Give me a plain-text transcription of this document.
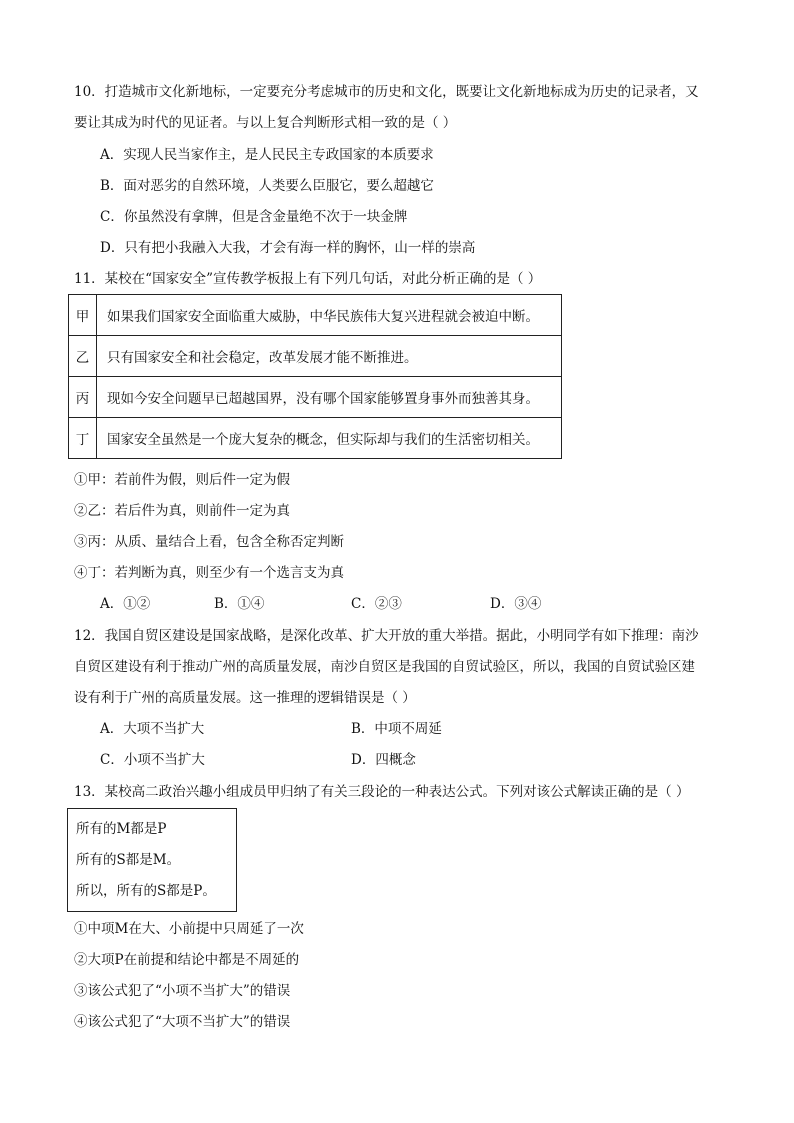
10．打造城市文化新地标，一定要充分考虑城市的历史和文化，既要让文化新地标成为历史的记录者，又
要让其成为时代的见证者。与以上复合判断形式相一致的是（ ）
A．实现人民当家作主，是人民民主专政国家的本质要求
B．面对恶劣的自然环境，人类要么臣服它，要么超越它
C．你虽然没有拿牌，但是含金量绝不次于一块金牌
D．只有把小我融入大我，才会有海一样的胸怀，山一样的崇高
11．某校在“国家安全”宣传教学板报上有下列几句话，对此分析正确的是（ ）
甲	如果我们国家安全面临重大威胁，中华民族伟大复兴进程就会被迫中断。
乙	只有国家安全和社会稳定，改革发展才能不断推进。
丙	现如今安全问题早已超越国界，没有哪个国家能够置身事外而独善其身。
丁	国家安全虽然是一个庞大复杂的概念，但实际却与我们的生活密切相关。
①甲：若前件为假，则后件一定为假
②乙：若后件为真，则前件一定为真
③丙：从质、量结合上看，包含全称否定判断
④丁：若判断为真，则至少有一个选言支为真
A．①②	B．①④	C．②③	D．③④
12．我国自贸区建设是国家战略，是深化改革、扩大开放的重大举措。据此，小明同学有如下推理：南沙
自贸区建设有利于推动广州的高质量发展，南沙自贸区是我国的自贸试验区，所以，我国的自贸试验区建
设有利于广州的高质量发展。这一推理的逻辑错误是（ ）
A．大项不当扩大	B．中项不周延
C．小项不当扩大	D．四概念
13．某校高二政治兴趣小组成员甲归纳了有关三段论的一种表达公式。下列对该公式解读正确的是（ ）
所有的M都是P
所有的S都是M。
所以，所有的S都是P。
①中项M在大、小前提中只周延了一次
②大项P在前提和结论中都是不周延的
③该公式犯了“小项不当扩大”的错误
④该公式犯了“大项不当扩大”的错误
